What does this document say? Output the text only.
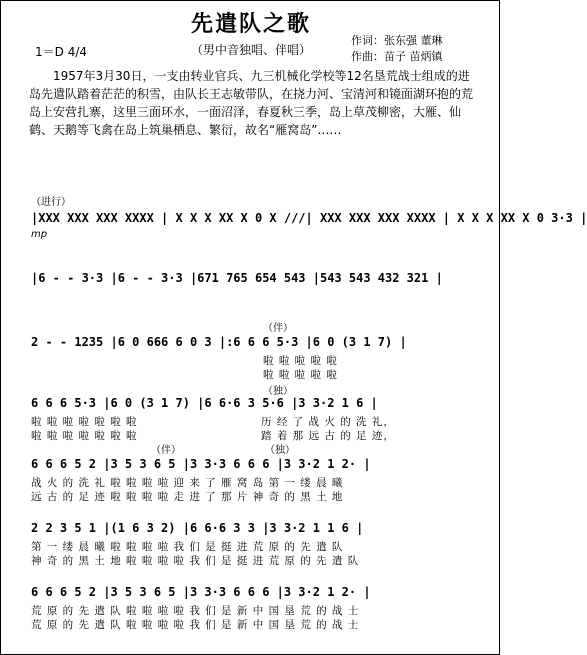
先遣队之歌
（男中音独唱、伴唱）
作词：张东强 董琳
作曲：苗子 苗炳镇
1＝D 4/4
1957年3月30日，一支由转业官兵、九三机械化学校等12名垦荒战士组成的进岛先遣队踏着茫茫的积雪，由队长王志敏带队，在挠力河、宝清河和镜面湖环抱的荒岛上安营扎寨，这里三面环水，一面沼泽，春夏秋三季，岛上草茂柳密，大雁、仙鹤、天鹅等飞禽在岛上筑巢栖息、繁衍，故名“雁窝岛”……
（进行）
|XXX XXX XXX XXXX | X X X XX X 0 X ///| XXX XXX XXX XXXX | X X X XX X 0 3·3 |
mp
|6 - - 3·3 |6 - - 3·3 |671 765 654 543 |543 543 432 321 |
（伴）
2 - - 1235 |6 0 666 6 0 3 |:6 6 6 5·3 |6 0 (3 1 7) |
啦 啦 啦 啦 啦
啦 啦 啦 啦 啦
（独）
6 6 6 5·3 |6 0 (3 1 7) |6 6·6 3 5·6 |3 3·2 1 6 |
啦 啦 啦 啦 啦 啦 啦
啦 啦 啦 啦 啦 啦 啦
历 经 了 战 火 的 洗 礼，
踏 着 那 远 古 的 足 迹，
（伴）	（独）
6 6 6 5 2 |3 5 3 6 5 |3 3·3 6 6 6 |3 3·2 1 2· |
战 火 的 洗 礼 啦 啦 啦 啦 迎 来 了 雁 窝 岛 第 一 缕 晨 曦
远 古 的 足 迹 啦 啦 啦 啦 走 进 了 那 片 神 奇 的 黑 土 地
2 2 3 5 1 |(1 6 3 2) |6 6·6 3 3 |3 3·2 1 1 6 |
第 一 缕 晨 曦 啦 啦 啦 啦 我 们 是 挺 进 荒 原 的 先 遣 队
神 奇 的 黑 土 地 啦 啦 啦 啦 我 们 是 挺 进 荒 原 的 先 遣 队
6 6 6 5 2 |3 5 3 6 5 |3 3·3 6 6 6 |3 3·2 1 2· |
荒 原 的 先 遣 队 啦 啦 啦 啦 我 们 是 新 中 国 垦 荒 的 战 士
荒 原 的 先 遣 队 啦 啦 啦 啦 我 们 是 新 中 国 垦 荒 的 战 士
